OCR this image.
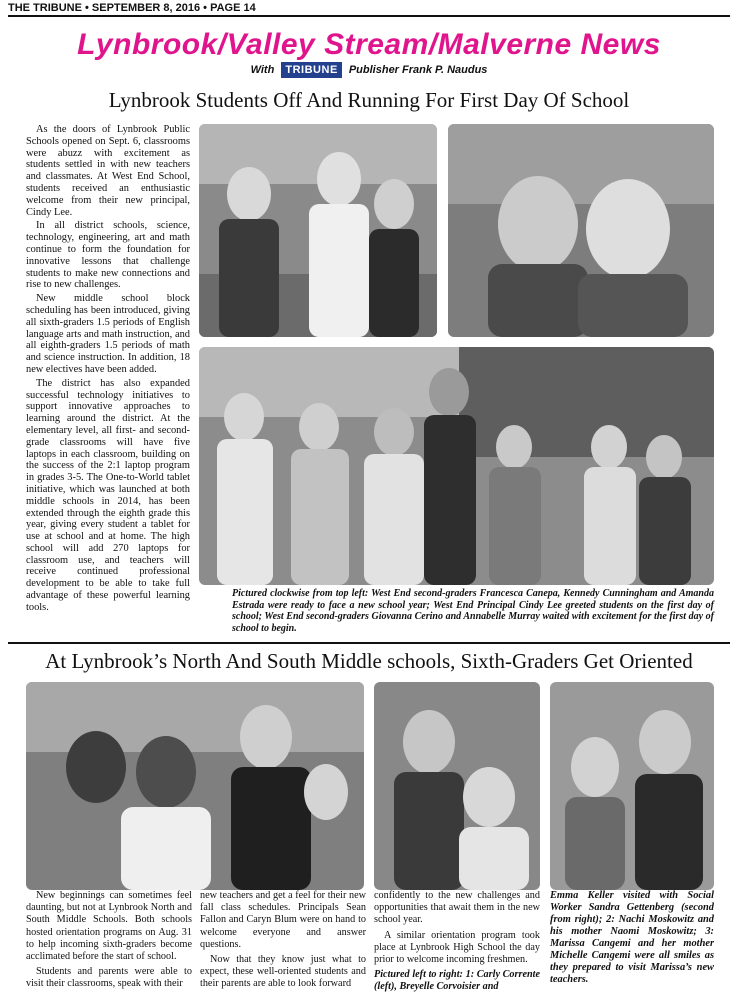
THE TRIBUNE • SEPTEMBER 8, 2016 • PAGE 14
Lynbrook/Valley Stream/Malverne News
With TRIBUNE Publisher Frank P. Naudus
Lynbrook Students Off And Running For First Day Of School

As the doors of Lynbrook Public Schools opened on Sept. 6, classrooms were abuzz with excitement as students settled in with new teachers and classmates. At West End School, students received an enthusiastic welcome from their new principal, Cindy Lee.

In all district schools, science, technology, engineering, art and math continue to form the foundation for innovative lessons that challenge students to make new connections and rise to new challenges.

New middle school block scheduling has been introduced, giving all sixth-graders 1.5 periods of English language arts and math instruction, and all eighth-graders 1.5 periods of math and science instruction. In addition, 18 new electives have been added.

The district has also expanded successful technology initiatives to support innovative approaches to learning around the district. At the elementary level, all first- and second-grade classrooms will have five laptops in each classroom, building on the success of the 2:1 laptop program in grades 3-5. The One-to-World tablet initiative, which was launched at both middle schools in 2014, has been extended through the eighth grade this year, giving every student a tablet for use at school and at home. The high school will add 270 laptops for classroom use, and teachers will receive continued professional development to be able to take full advantage of these powerful learning tools.

Pictured clockwise from top left: West End second-graders Francesca Canepa, Kennedy Cunningham and Amanda Estrada were ready to face a new school year; West End Principal Cindy Lee greeted students on the first day of school; West End second-graders Giovanna Cerino and Annabelle Murray waited with excitement for the first day of school to begin.
At Lynbrook’s North And South Middle schools, Sixth-Graders Get Oriented

New beginnings can sometimes feel daunting, but not at Lynbrook North and South Middle Schools. Both schools hosted orientation programs on Aug. 31 to help incoming sixth-graders become acclimated before the start of school.

Students and parents were able to visit their classrooms, speak with their

new teachers and get a feel for their new fall class schedules. Principals Sean Fallon and Caryn Blum were on hand to welcome everyone and answer questions.

Now that they know just what to expect, these well-oriented students and their parents are able to look forward

confidently to the new challenges and opportunities that await them in the new school year.

A similar orientation program took place at Lynbrook High School the day prior to welcome incoming freshmen.

Pictured left to right: 1: Carly Corrente (left), Breyelle Corvoisier and

Emma Keller visited with Social Worker Sandra Gettenberg (second from right); 2: Nachi Moskowitz and his mother Naomi Moskowitz; 3: Marissa Cangemi and her mother Michelle Cangemi were all smiles as they prepared to visit Marissa’s new teachers.
